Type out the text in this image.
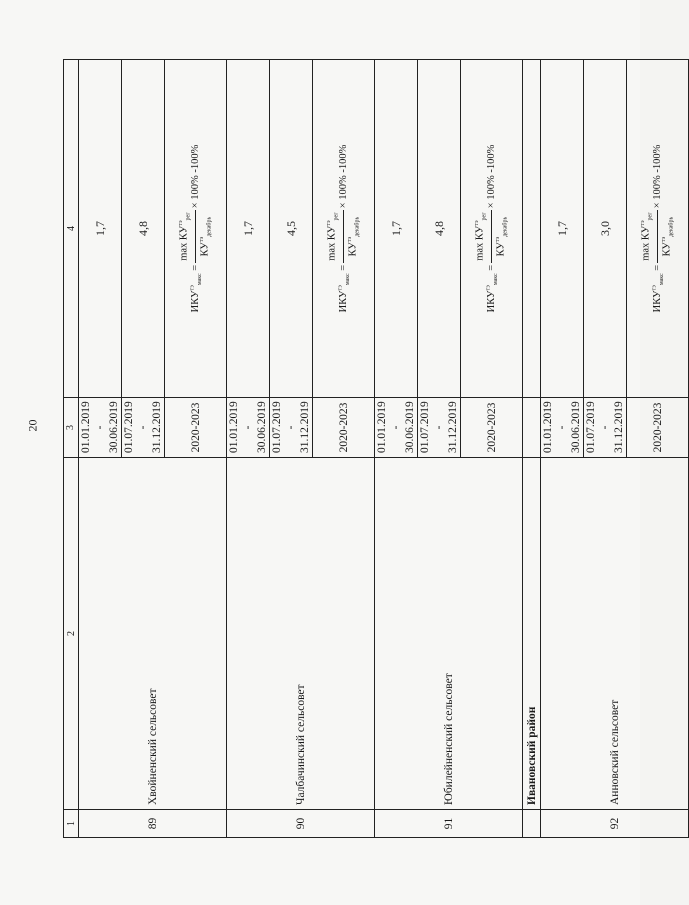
20
1	2	3	4
89	Хвойненский сельсовет	01.01.2019 - 30.06.2019	1,7
		01.07.2019 - 31.12.2019	4,8
		2020-2023	$ИКУ^{тэ}_{макс}$ =
$\max КУ^{тэ}_{рег}$
$КУ^{тэ}_{декабрь}$
× 100% -100%
90	Чалбачинский сельсовет	01.01.2019 - 30.06.2019	1,7
		01.07.2019 - 31.12.2019	4,5
		2020-2023	$ИКУ^{тэ}_{макс}$ =
$\max КУ^{тэ}_{рег}$
$КУ^{тэ}_{декабрь}$
× 100% -100%
91	Юбилейненский сельсовет	01.01.2019 - 30.06.2019	1,7
		01.07.2019 - 31.12.2019	4,8
		2020-2023	$ИКУ^{тэ}_{макс}$ =
$\max КУ^{тэ}_{рег}$
$КУ^{тэ}_{декабрь}$
× 100% -100%
	Ивановский район		
92	Анновский сельсовет	01.01.2019 - 30.06.2019	1,7
		01.07.2019 - 31.12.2019	3,0
		2020-2023	$ИКУ^{тэ}_{макс}$ =
$\max КУ^{тэ}_{рег}$
$КУ^{тэ}_{декабрь}$
× 100% -100%
